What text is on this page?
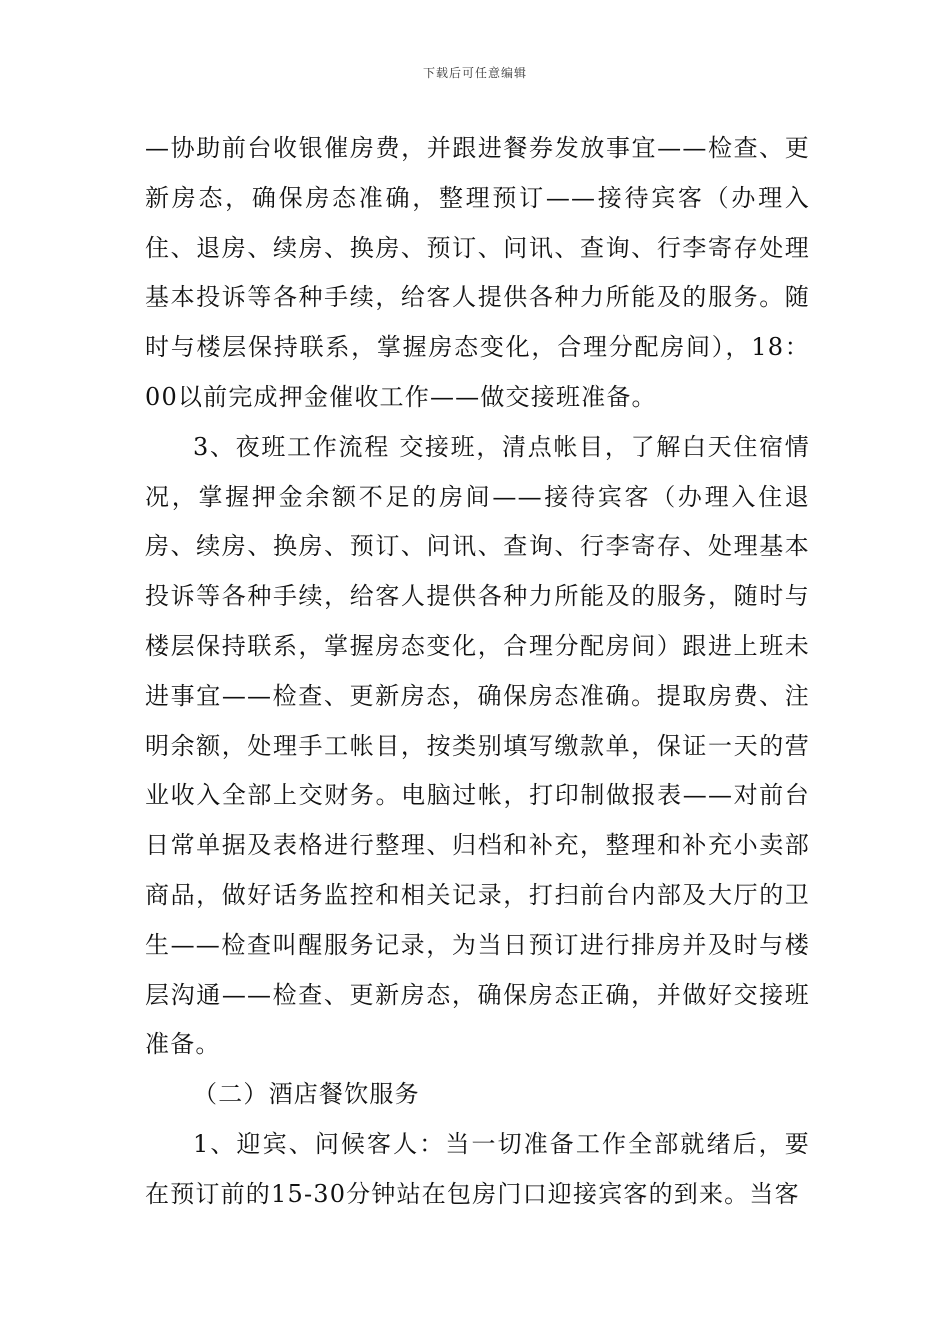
下载后可任意编辑

—协助前台收银催房费，并跟进餐券发放事宜——检查、更新房态，确保房态准确，整理预订——接待宾客（办理入住、退房、续房、换房、预订、问讯、查询、行李寄存处理基本投诉等各种手续，给客人提供各种力所能及的服务。随时与楼层保持联系，掌握房态变化，合理分配房间），18：00以前完成押金催收工作——做交接班准备。

3、夜班工作流程 交接班，清点帐目，了解白天住宿情况，掌握押金余额不足的房间——接待宾客（办理入住退房、续房、换房、预订、问讯、查询、行李寄存、处理基本投诉等各种手续，给客人提供各种力所能及的服务，随时与楼层保持联系，掌握房态变化，合理分配房间）跟进上班未进事宜——检查、更新房态，确保房态准确。提取房费、注明余额，处理手工帐目，按类别填写缴款单，保证一天的营业收入全部上交财务。电脑过帐，打印制做报表——对前台日常单据及表格进行整理、归档和补充，整理和补充小卖部商品，做好话务监控和相关记录，打扫前台内部及大厅的卫生——检查叫醒服务记录，为当日预订进行排房并及时与楼层沟通——检查、更新房态，确保房态正确，并做好交接班准备。

（二）酒店餐饮服务

1、迎宾、问候客人：当一切准备工作全部就绪后，要在预订前的15-30分钟站在包房门口迎接宾客的到来。当客
